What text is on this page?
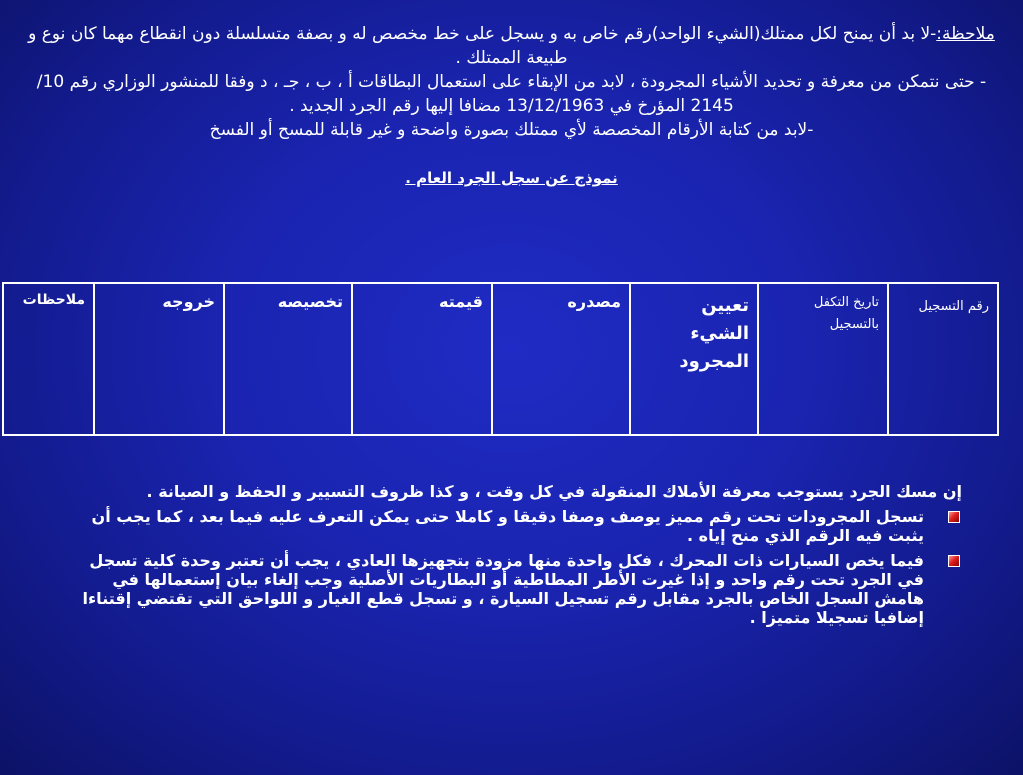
ملاحظة:-لا بد أن يمنح لكل ممتلك(الشيء الواحد)رقم خاص به و يسجل على خط مخصص له و بصفة متسلسلة دون انقطاع مهما كان نوع و طبيعة الممتلك .

- حتى نتمكن من معرفة و تحديد الأشياء المجرودة ، لابد من الإبقاء على استعمال البطاقات أ ، ب ، جـ ، د وفقا للمنشور الوزاري رقم 10/ 2145 المؤرخ في 13/12/1963 مضافا إليها رقم الجرد الجديد .

-لابد من كتابة الأرقام المخصصة لأي ممتلك بصورة واضحة و غير قابلة للمسح أو الفسخ

نموذج عن سجل الجرد العام .

رقم التسجيل	تاريخ التكفل بالتسجيل	تعيين الشيء المجرود	مصدره	قيمته	تخصيصه	خروجه	ملاحظات
إن مسك الجرد يستوجب معرفة الأملاك المنقولة في كل وقت ، و كذا ظروف التسيير و الحفظ و الصيانة .
تسجل المجرودات تحت رقم مميز يوصف وصفا دقيقا و كاملا حتى يمكن التعرف عليه فيما بعد ، كما يجب أن يثبت فيه الرقم الذي منح إياه .
فيما يخص السيارات ذات المحرك ، فكل واحدة منها مزودة بتجهيزها العادي ، يجب أن تعتبر وحدة كلية تسجل في الجرد تحت رقم واحد و إذا غيرت الأطر المطاطية أو البطاريات الأصلية وجب إلغاء بيان إستعمالها في هامش السجل الخاص بالجرد مقابل رقم تسجيل السيارة ، و تسجل قطع الغيار و اللواحق التي تقتضي إقتناءا إضافيا تسجيلا متميزا .
